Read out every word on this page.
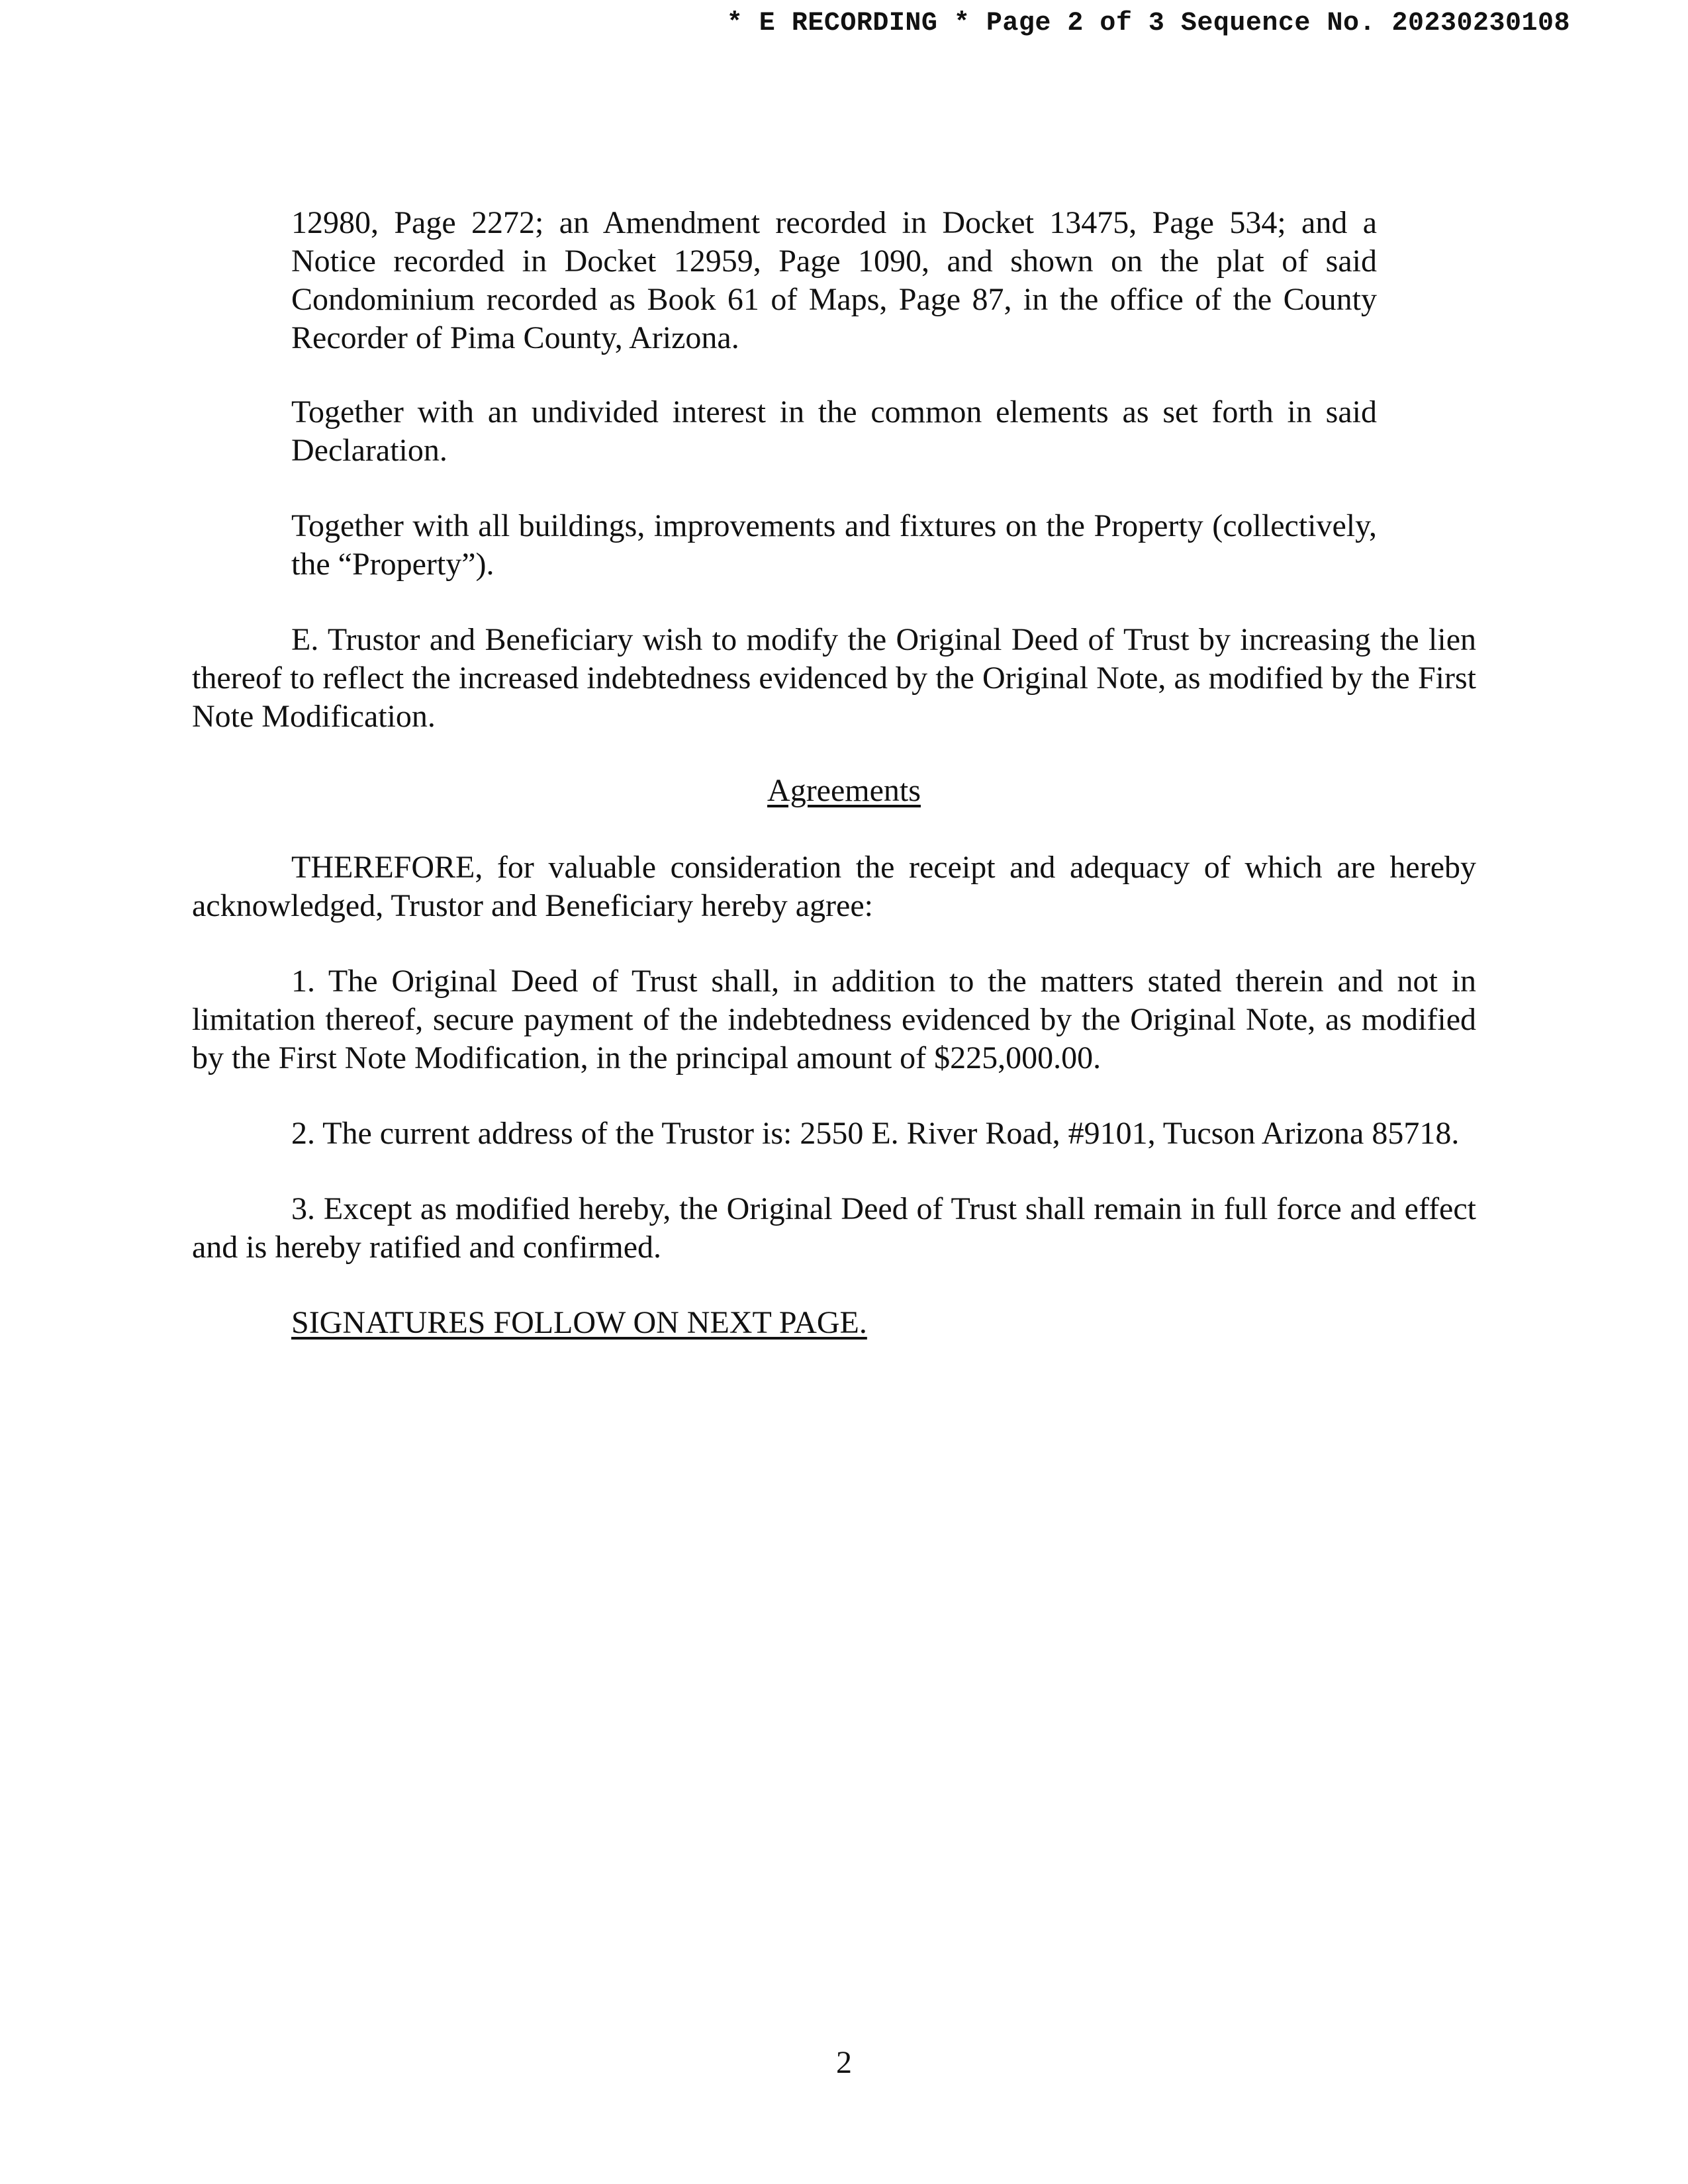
* E RECORDING * Page 2 of 3 Sequence No. 20230230108

12980, Page 2272; an Amendment recorded in Docket 13475, Page 534; and a Notice recorded in Docket 12959, Page 1090, and shown on the plat of said Condominium recorded as Book 61 of Maps, Page 87, in the office of the County Recorder of Pima County, Arizona.

Together with an undivided interest in the common elements as set forth in said Declaration.

Together with all buildings, improvements and fixtures on the Property (collectively, the “Property”).

E. Trustor and Beneficiary wish to modify the Original Deed of Trust by increasing the lien thereof to reflect the increased indebtedness evidenced by the Original Note, as modified by the First Note Modification.

Agreements

THEREFORE, for valuable consideration the receipt and adequacy of which are hereby acknowledged, Trustor and Beneficiary hereby agree:

1. The Original Deed of Trust shall, in addition to the matters stated therein and not in limitation thereof, secure payment of the indebtedness evidenced by the Original Note, as modified by the First Note Modification, in the principal amount of $225,000.00.

2. The current address of the Trustor is: 2550 E. River Road, #9101, Tucson Arizona 85718.

3. Except as modified hereby, the Original Deed of Trust shall remain in full force and effect and is hereby ratified and confirmed.

SIGNATURES FOLLOW ON NEXT PAGE.
2
